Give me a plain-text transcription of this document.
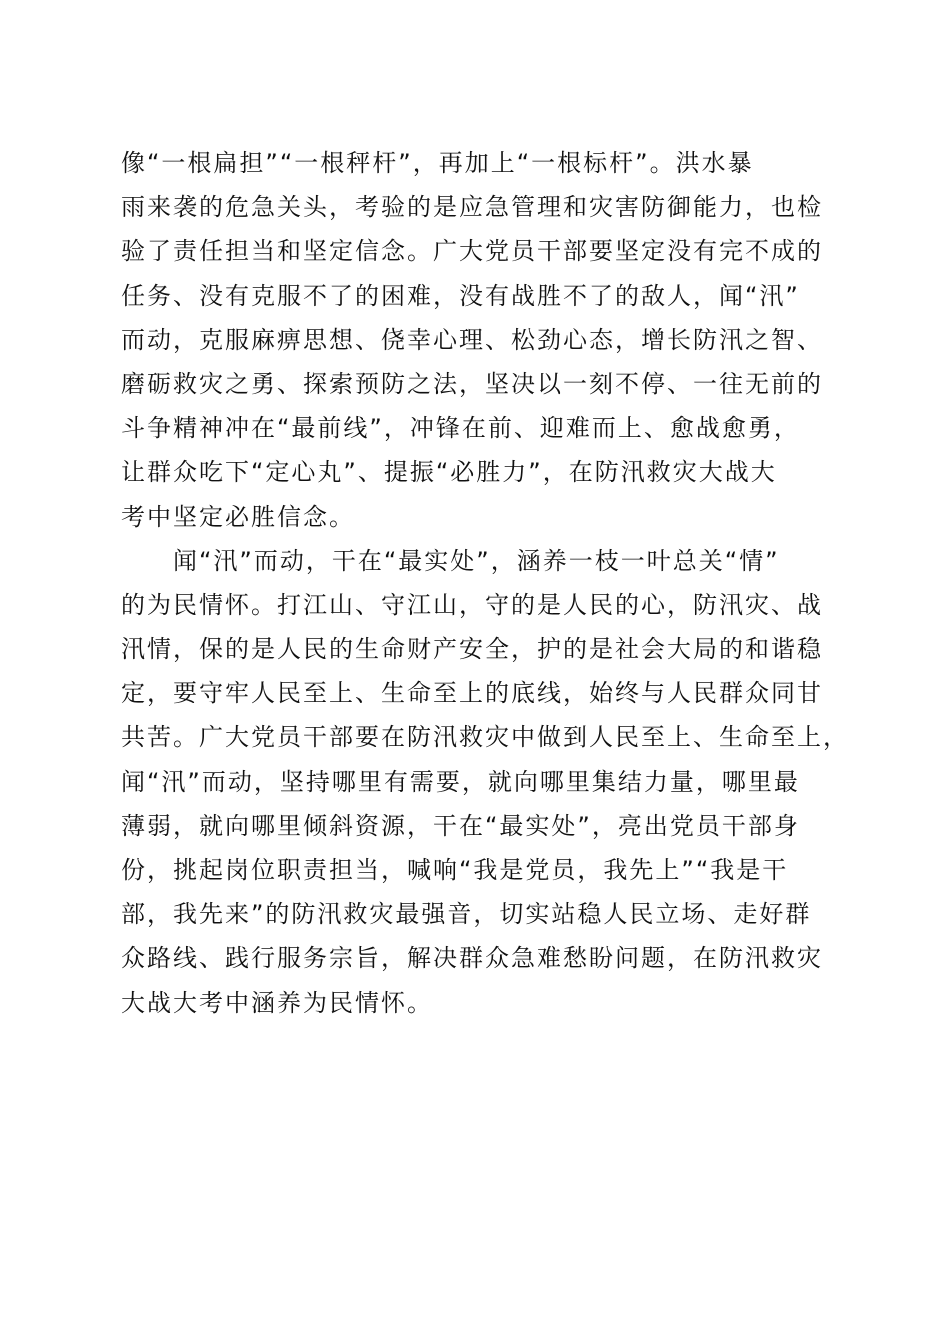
像“一根扁担”“一根秤杆”，再加上“一根标杆”。洪水暴
雨来袭的危急关头，考验的是应急管理和灾害防御能力，也检
验了责任担当和坚定信念。广大党员干部要坚定没有完不成的
任务、没有克服不了的困难，没有战胜不了的敌人，闻“汛”
而动，克服麻痹思想、侥幸心理、松劲心态，增长防汛之智、
磨砺救灾之勇、探索预防之法，坚决以一刻不停、一往无前的
斗争精神冲在“最前线”，冲锋在前、迎难而上、愈战愈勇，
让群众吃下“定心丸”、提振“必胜力”，在防汛救灾大战大
考中坚定必胜信念。
　　闻“汛”而动，干在“最实处”，涵养一枝一叶总关“情”
的为民情怀。打江山、守江山，守的是人民的心，防汛灾、战
汛情，保的是人民的生命财产安全，护的是社会大局的和谐稳
定，要守牢人民至上、生命至上的底线，始终与人民群众同甘
共苦。广大党员干部要在防汛救灾中做到人民至上、生命至上，
闻“汛”而动，坚持哪里有需要，就向哪里集结力量，哪里最
薄弱，就向哪里倾斜资源，干在“最实处”，亮出党员干部身
份，挑起岗位职责担当，喊响“我是党员，我先上”“我是干
部，我先来”的防汛救灾最强音，切实站稳人民立场、走好群
众路线、践行服务宗旨，解决群众急难愁盼问题，在防汛救灾
大战大考中涵养为民情怀。
